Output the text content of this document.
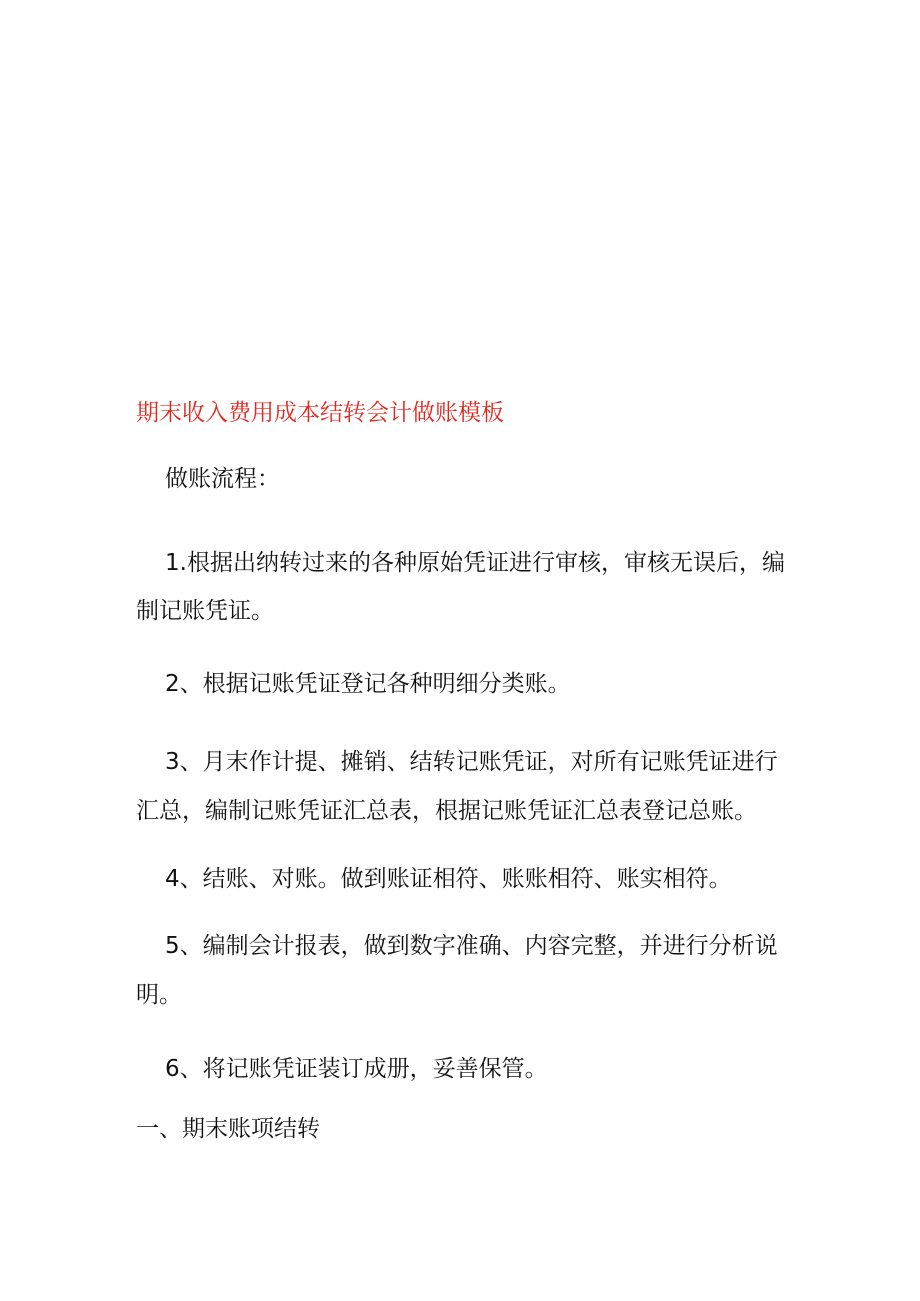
期末收入费用成本结转会计做账模板
做账流程：
1.根据出纳转过来的各种原始凭证进行审核，审核无误后，编
制记账凭证。
2、根据记账凭证登记各种明细分类账。
3、月末作计提、摊销、结转记账凭证，对所有记账凭证进行
汇总，编制记账凭证汇总表，根据记账凭证汇总表登记总账。
4、结账、对账。做到账证相符、账账相符、账实相符。
5、编制会计报表，做到数字准确、内容完整，并进行分析说
明。
6、将记账凭证装订成册，妥善保管。
一、期末账项结转
